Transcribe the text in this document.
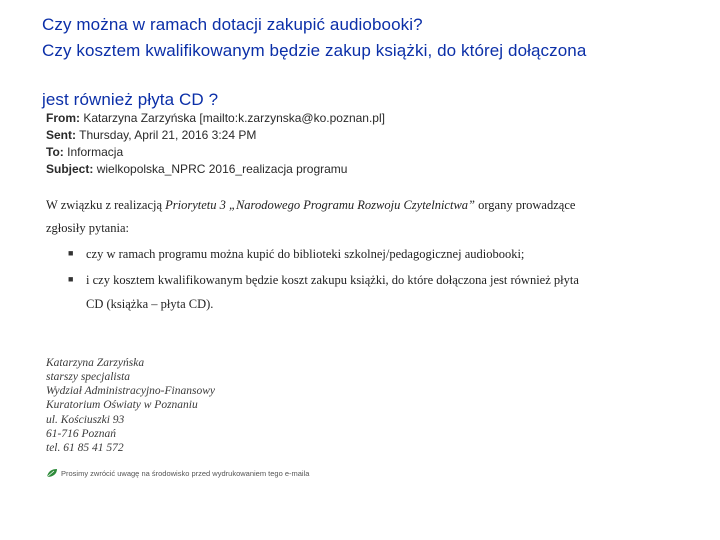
Czy można w ramach dotacji zakupić audiobooki?
Czy kosztem kwalifikowanym będzie zakup książki, do której dołączona
jest również płyta CD ?
From: Katarzyna Zarzyńska [mailto:k.zarzynska@ko.poznan.pl]
Sent: Thursday, April 21, 2016 3:24 PM
To: Informacja
Subject: wielkopolska_NPRC 2016_realizacja programu
W związku z realizacją Priorytetu 3 „Narodowego Programu Rozwoju Czytelnictwa” organy prowadzące
zgłosiły pytania:
■ czy w ramach programu można kupić do biblioteki szkolnej/pedagogicznej audiobooki;
■ i czy kosztem kwalifikowanym będzie koszt zakupu książki, do które dołączona jest również płyta
CD (książka – płyta CD).
Katarzyna Zarzyńska
starszy specjalista
Wydział Administracyjno-Finansowy
Kuratorium Oświaty w Poznaniu
ul. Kościuszki 93
61-716 Poznań
tel. 61 85 41 572
Prosimy zwrócić uwagę na środowisko przed wydrukowaniem tego e-maila
